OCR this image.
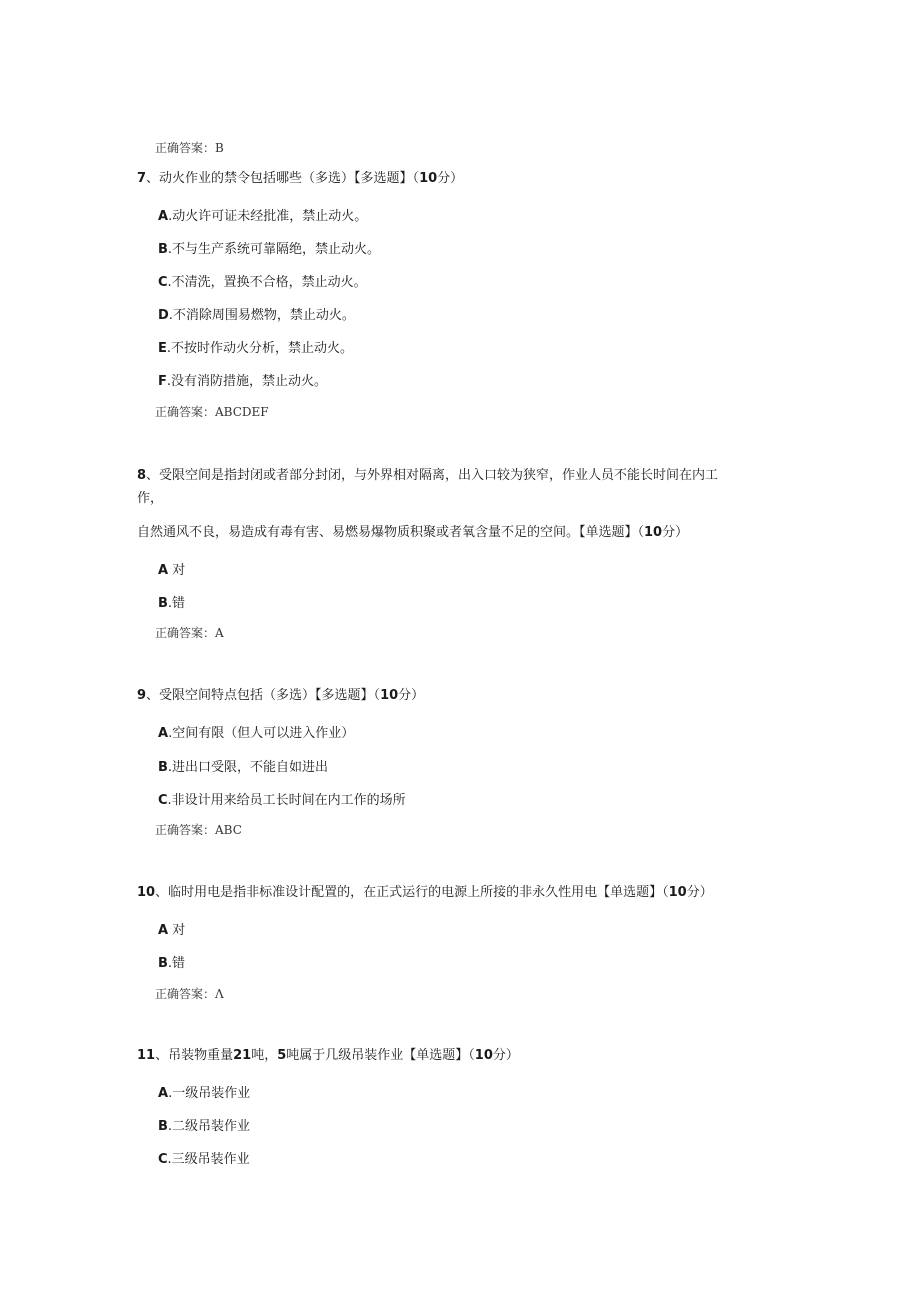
正确答案：B
7、动火作业的禁令包括哪些（多选）【多选题】（10分）
A.动火许可证未经批准，禁止动火。
B.不与生产系统可靠隔绝，禁止动火。
C.不清洗，置换不合格，禁止动火。
D.不消除周围易燃物，禁止动火。
E.不按时作动火分析，禁止动火。
F.没有消防措施，禁止动火。
正确答案：ABCDEF
8、受限空间是指封闭或者部分封闭，与外界相对隔离，出入口较为狭窄，作业人员不能长时间在内工
作，
自然通风不良，易造成有毒有害、易燃易爆物质积聚或者氧含量不足的空间。【单选题】（10分）
A 对
B.错
正确答案：A
9、受限空间特点包括（多选）【多选题】（10分）
A.空间有限（但人可以进入作业）
B.进出口受限，不能自如进出
C.非设计用来给员工长时间在内工作的场所
正确答案：ABC
10、临时用电是指非标准设计配置的，在正式运行的电源上所接的非永久性用电【单选题】（10分）
A 对
B.错
正确答案：Λ
11、吊装物重量21吨，5吨属于几级吊装作业【单选题】（10分）
A.一级吊装作业
B.二级吊装作业
C.三级吊装作业
